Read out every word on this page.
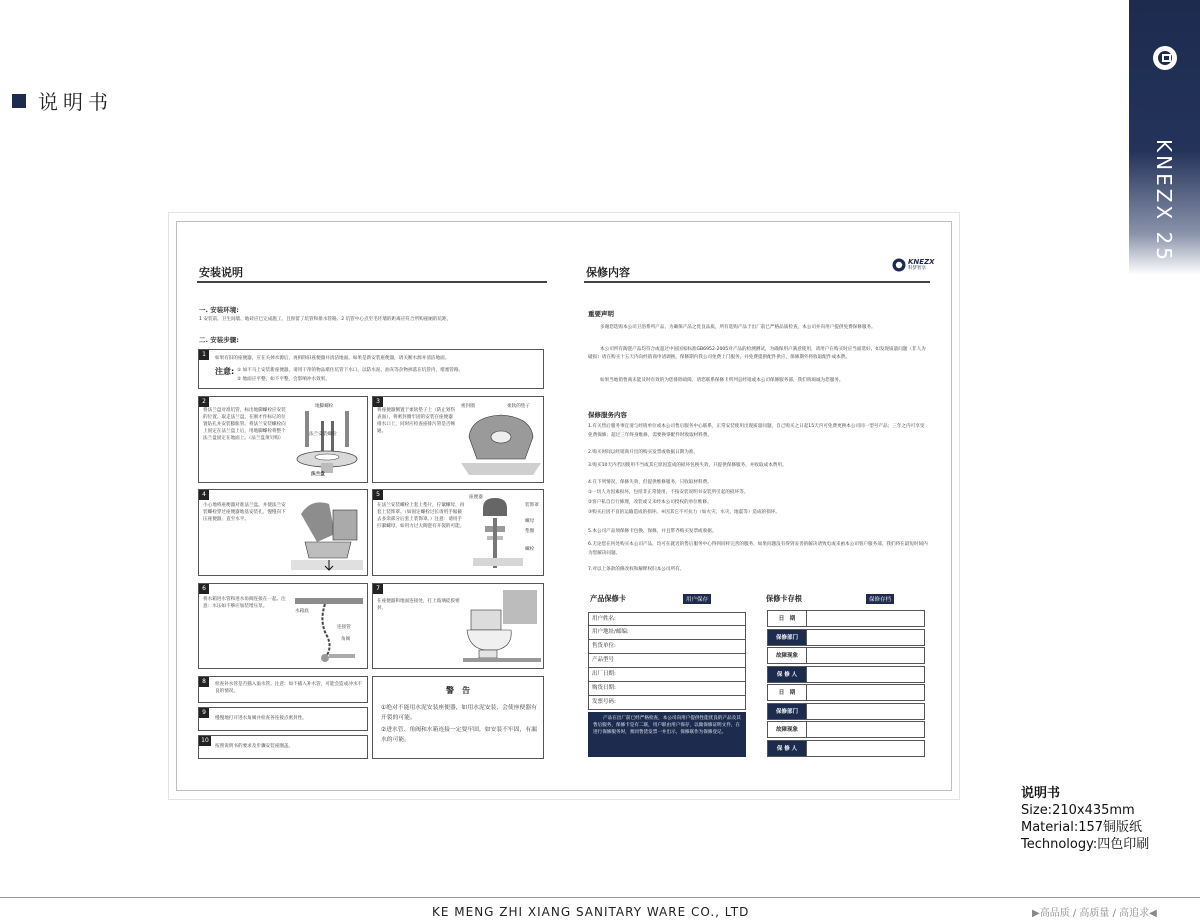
KNEZX 25
说明书
安装说明
一. 安装环境:
1 安装前、卫生间墙、地砖应已完成施工，且预留了坑管和排水管路。2 坑管中心点至毛坯墙的距离应符合所购座厕的坑距。
二. 安装步骤:
1
如果有旧的座便器，应在关掉水源后，再拆除旧座便器并清洁地面。如果是新安装座便器，请关断水源并清洁地面。
注意: ① 如不马上安装新座便器，请用干净的物品堵住坑管下水口，以防水泥、油灰等杂物掉落在坑管内，堵塞管路。
② 地面应平整，如不平整，会影响冲水效果。
2
将法兰盘对准坑管，标出地脚螺栓应安装的位置。取走法兰盘，在刚才作标记的位置钻孔并安装膨胀管。将法兰安装螺栓向上固定在法兰盘上后，用地脚螺栓将整个法兰盘固定在地面上。（法兰盘须另购）
地脚螺栓
法兰安装螺栓
法兰盘
3
将座便器倒置于柔软垫子上（防止划伤表面），将密封圈牢固的安装在座便器排水口上，同时应检查座排污管是否畅通。
密封圈	柔软的垫子
4
小心地将座便器对准法兰盘，并使法兰安装螺栓穿过座便器地基安装孔，慢慢向下压座便器，直至水平。
5
在法兰安装螺栓上套上垫片，拧紧螺母，再套上装饰罩。（如固定螺栓过长请用手锯截去多余部分后套上装饰罩。）注意：请用手拧紧螺母，如用力过大陶瓷有开裂的可能。
座便器
装饰罩
螺母
垫圈
螺栓
6
将水箱进水管和进水角阀连接在一起。注意：水压如不够应加装增压泵。
水箱底
连接管
角阀
7
在座便器和地面连接处，打上玻璃硅胶密封。
8	检查补水管是否插入溢水管。注意：如不插入补水管，可能会造成冲水不良的情况。
9
慢慢地打开进水角阀并检查各连接点密封性。
10
按照说明书的要求及步骤安装座圈盖。
警　告
①绝对不能用水泥安装座便器，如用水泥安装，会使座便器有开裂的可能。
②进水管、角阀和水箱连接一定要牢固，如安装不牢固，有漏水的可能。
保修内容
KNEZX
科梦智享
重要声明
多谢您选购本公司卫浴系列产品，为确保产品之优良品质，所有选购产品于出厂前已严格品质检查，本公司并向用户提供免费保修服务。
本公司所有陶瓷产品均符合或超过中国国家标准GB6952-2005对产品的检测测试，为确保用户满意使用，请用户在购买时应当面选好，如发现质量问题（非人为破损）请在购买十五天内向经销商申请调换，保修期内我公司免费上门服务，并免费提供配件供应，保修期外将收取配件成本费。
如果当地销售商未能及时有效的为您排除故障，请您联系保修卡所列总经销或本公司保修服务部，我们将竭诚为您服务。
保修服务内容
1.有关售后服务事宜请与经销单位或本公司售后服务中心联系，正常安装使用出现质量问题，自己购买之日起15天内可免费更换本公司同一型号产品；三年之内可享受免费保修；超过三年终身维修，需要换零配件时收取材料费。
2.购买时间以经销商开出的购买发票或收据日期为准。
3.购买10天内若因使用不当或其它原因造成的损坏包换失效，只提供保修服务，并收取成本费用。
4.在下列情况，保修失效，但提供维修服务，只收取材料费。
①一切人为因素损坏，包括非正常使用，不按安装说明书安装所引起的损坏等。
②客户私自自行修理，改装或又未经本公司授权的单位维修。
③购买后因不良的运输造成的损坏。④因其它不可抗力（如火灾、水灾、地震等）造成的损坏。
5.本公司产品须保修卡包换、保修，并且带齐购买发票或收据。
6.无论您在何处购买本公司产品，均可在就近的售后服务中心得到同样完善的服务，如果问题没有得到妥善的解决请致电或来函本公司客户服务部，我们将在最短时间内为您解决问题。
7.对以上条款的修改权和解释权归本公司所有。
产品保修卡	用户保存
用户姓名:
用户地址/邮编:
售货单位:
产品型号
出厂日期:
购货日期:
发票号码:
产品在出厂前已经严格检查，本公司向用户提供性能优良的产品及其售后服务，保修卡是有二联，用户联由用户保存，以做保修证明文件，在进行保修服务时，须同售货发票一并出示，保修联作为保修登记。
保修卡存根	保修存档
日　期
保修部门
故障现象
保 修 人
日　期
保修部门
故障现象
保 修 人
说明书
Size:210x435mm
Material:157铜版纸
Technology:四色印刷
KE MENG ZHI XIANG SANITARY WARE CO., LTD	▶高品质 / 高质量 / 高追求◀
